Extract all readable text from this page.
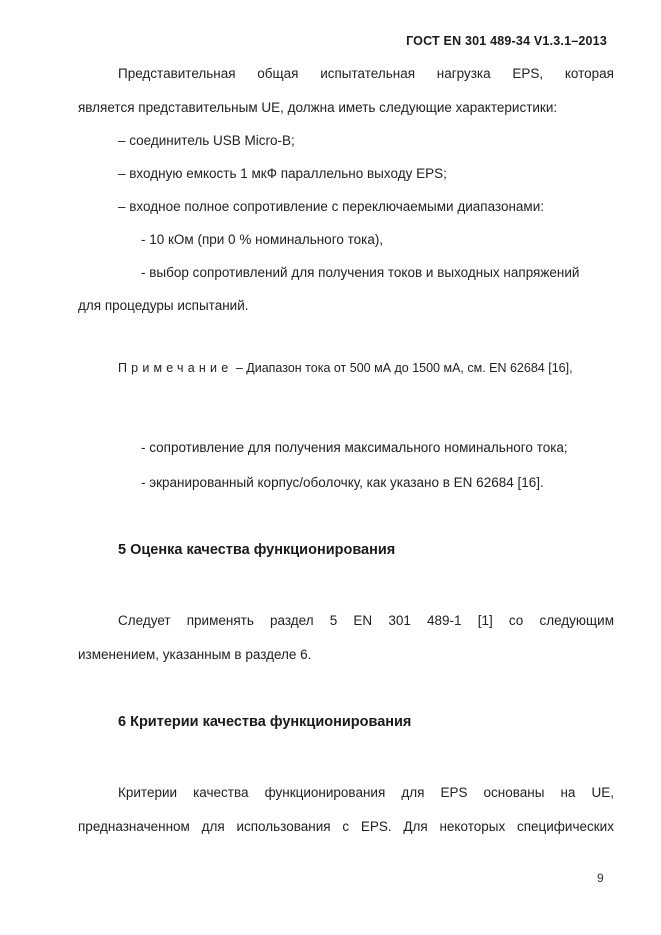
ГОСТ EN 301 489-34 V1.3.1–2013
Представительная общая испытательная нагрузка EPS, которая
является представительным UE, должна иметь следующие характеристики:
– соединитель USB Micro-B;
– входную емкость 1 мкФ параллельно выходу EPS;
– входное полное сопротивление с переключаемыми диапазонами:
- 10 кОм (при 0 % номинального тока),
- выбор сопротивлений для получения токов и выходных напряжений
для процедуры испытаний.
Примечание – Диапазон тока от 500 мА до 1500 мА, см. EN 62684 [16],
- сопротивление для получения максимального номинального тока;
- экранированный корпус/оболочку, как указано в EN 62684 [16].
5 Оценка качества функционирования
Следует применять раздел 5 EN 301 489-1 [1] со следующим
изменением, указанным в разделе 6.
6 Критерии качества функционирования
Критерии качества функционирования для EPS основаны на UE,
предназначенном для использования с EPS. Для некоторых специфических
9
